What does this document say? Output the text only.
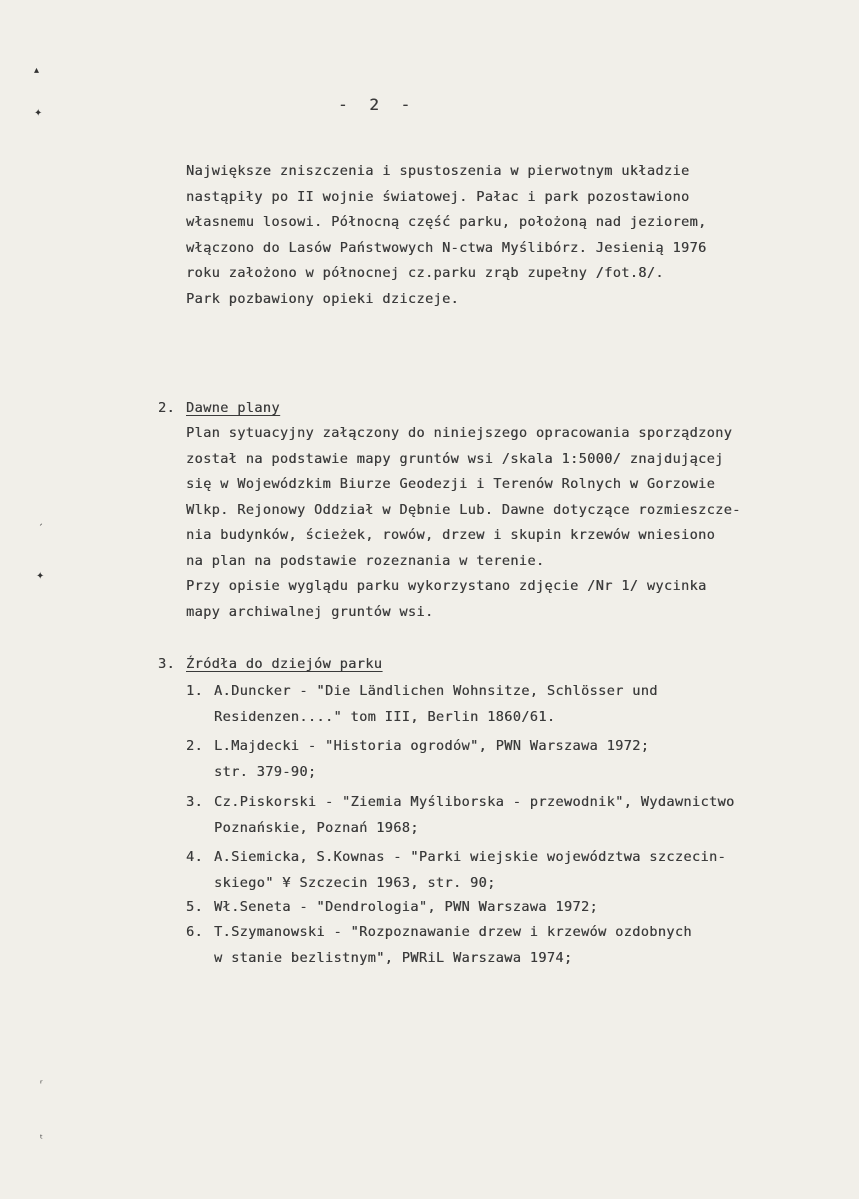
▴
✦
ˏ
✦
ʳ
ᵗ
- 2 -
Największe zniszczenia i spustoszenia w pierwotnym układzie
nastąpiły po II wojnie światowej. Pałac i park pozostawiono
własnemu losowi. Północną część parku, położoną nad jeziorem,
włączono do Lasów Państwowych N-ctwa Myślibórz. Jesienią 1976
roku założono w północnej cz.parku zrąb zupełny /fot.8/.
Park pozbawiony opieki dziczeje.
2. Dawne plany
Plan sytuacyjny załączony do niniejszego opracowania sporządzony
został na podstawie mapy gruntów wsi /skala 1:5000/ znajdującej
się w Wojewódzkim Biurze Geodezji i Terenów Rolnych w Gorzowie
Wlkp. Rejonowy Oddział w Dębnie Lub. Dawne dotyczące rozmieszcze-
nia budynków, ścieżek, rowów, drzew i skupin krzewów wniesiono
na plan na podstawie rozeznania w terenie.
Przy opisie wyglądu parku wykorzystano zdjęcie /Nr 1/ wycinka
mapy archiwalnej gruntów wsi.
3. Źródła do dziejów parku
1. A.Duncker - "Die Ländlichen Wohnsitze, Schlösser und
Residenzen...." tom III, Berlin 1860/61.
2. L.Majdecki - "Historia ogrodów", PWN Warszawa 1972;
str. 379-90;
3. Cz.Piskorski - "Ziemia Myśliborska - przewodnik", Wydawnictwo
Poznańskie, Poznań 1968;
4. A.Siemicka, S.Kownas - "Parki wiejskie województwa szczecin-
skiego" ¥ Szczecin 1963, str. 90;
5. Wł.Seneta - "Dendrologia", PWN Warszawa 1972;
6. T.Szymanowski - "Rozpoznawanie drzew i krzewów ozdobnych
w stanie bezlistnym", PWRiL Warszawa 1974;
